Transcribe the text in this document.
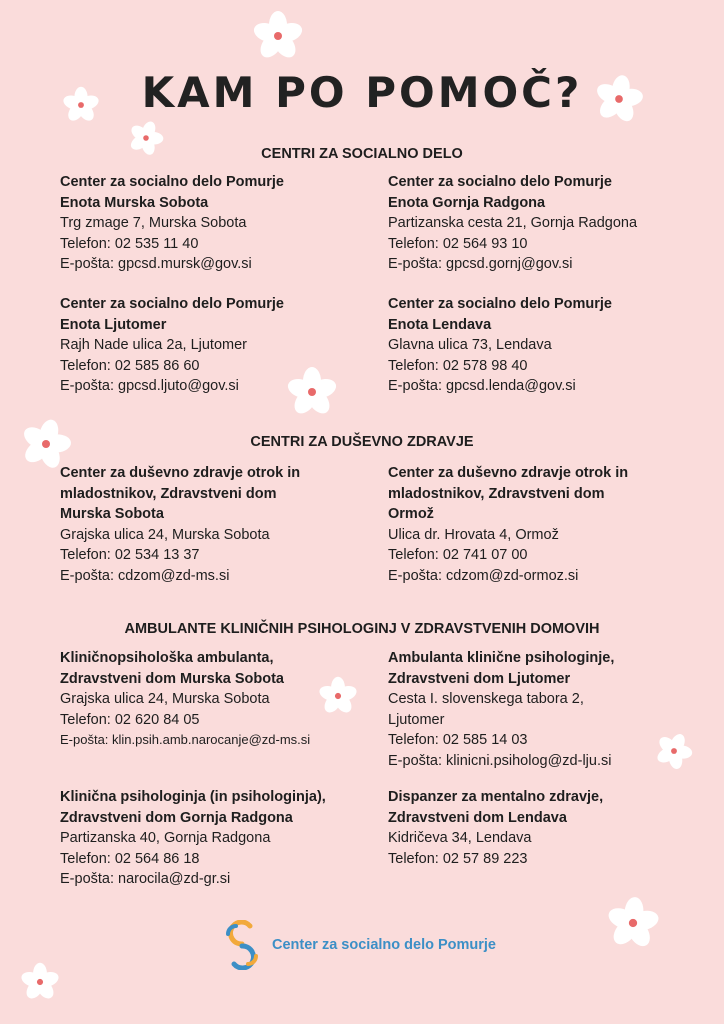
KAM PO POMOČ?
CENTRI ZA SOCIALNO DELO
Center za socialno delo Pomurje
Enota Murska Sobota
Trg zmage 7, Murska Sobota
Telefon: 02 535 11 40
E-pošta: gpcsd.mursk@gov.si
Center za socialno delo Pomurje
Enota Gornja Radgona
Partizanska cesta 21, Gornja Radgona
Telefon: 02 564 93 10
E-pošta: gpcsd.gornj@gov.si
Center za socialno delo Pomurje
Enota Ljutomer
Rajh Nade ulica 2a, Ljutomer
Telefon: 02 585 86 60
E-pošta: gpcsd.ljuto@gov.si
Center za socialno delo Pomurje
Enota Lendava
Glavna ulica 73, Lendava
Telefon: 02 578 98 40
E-pošta: gpcsd.lenda@gov.si
CENTRI ZA DUŠEVNO ZDRAVJE
Center za duševno zdravje otrok in
mladostnikov, Zdravstveni dom
Murska Sobota
Grajska ulica 24, Murska Sobota
Telefon: 02 534 13 37
E-pošta: cdzom@zd-ms.si
Center za duševno zdravje otrok in
mladostnikov, Zdravstveni dom
Ormož
Ulica dr. Hrovata 4, Ormož
Telefon: 02 741 07 00
E-pošta: cdzom@zd-ormoz.si
AMBULANTE KLINIČNIH PSIHOLOGINJ V ZDRAVSTVENIH DOMOVIH
Kliničnopsihološka ambulanta,
Zdravstveni dom Murska Sobota
Grajska ulica 24, Murska Sobota
Telefon: 02 620 84 05
E-pošta: klin.psih.amb.narocanje@zd-ms.si
Ambulanta klinične psihologinje,
Zdravstveni dom Ljutomer
Cesta I. slovenskega tabora 2,
Ljutomer
Telefon: 02 585 14 03
E-pošta: klinicni.psiholog@zd-lju.si
Klinična psihologinja (in psihologinja),
Zdravstveni dom Gornja Radgona
Partizanska 40, Gornja Radgona
Telefon: 02 564 86 18
E-pošta: narocila@zd-gr.si
Dispanzer za mentalno zdravje,
Zdravstveni dom Lendava
Kidričeva 34, Lendava
Telefon: 02 57 89 223
Center za socialno delo Pomurje
